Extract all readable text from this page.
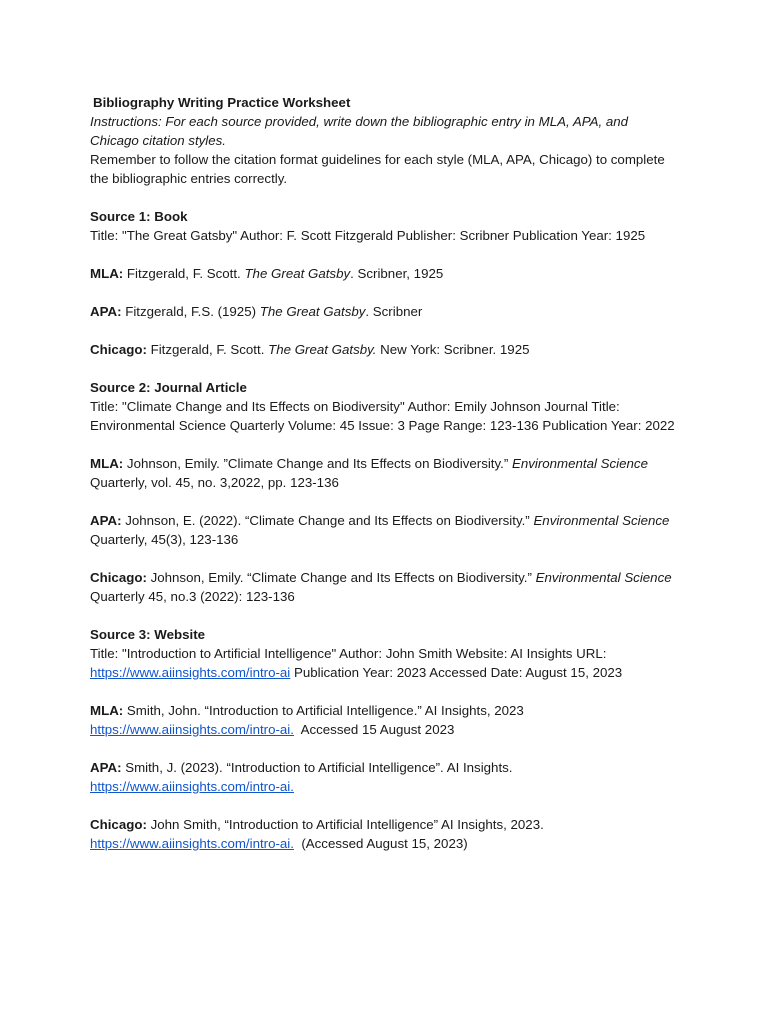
Bibliography Writing Practice Worksheet

Instructions: For each source provided, write down the bibliographic entry in MLA, APA, and Chicago citation styles.

Remember to follow the citation format guidelines for each style (MLA, APA, Chicago) to complete the bibliographic entries correctly.

Source 1: Book

Title: "The Great Gatsby" Author: F. Scott Fitzgerald Publisher: Scribner Publication Year: 1925

MLA: Fitzgerald, F. Scott. The Great Gatsby. Scribner, 1925

APA: Fitzgerald, F.S. (1925) The Great Gatsby. Scribner

Chicago: Fitzgerald, F. Scott. The Great Gatsby. New York: Scribner. 1925

Source 2: Journal Article

Title: "Climate Change and Its Effects on Biodiversity" Author: Emily Johnson Journal Title: Environmental Science Quarterly Volume: 45 Issue: 3 Page Range: 123-136 Publication Year: 2022

MLA: Johnson, Emily. ”Climate Change and Its Effects on Biodiversity.” Environmental Science Quarterly, vol. 45, no. 3,2022, pp. 123-136

APA: Johnson, E. (2022). “Climate Change and Its Effects on Biodiversity.” Environmental Science Quarterly, 45(3), 123-136

Chicago: Johnson, Emily. “Climate Change and Its Effects on Biodiversity.” Environmental Science Quarterly 45, no.3 (2022): 123-136

Source 3: Website

Title: "Introduction to Artificial Intelligence" Author: John Smith Website: AI Insights URL: https://www.aiinsights.com/intro-ai Publication Year: 2023 Accessed Date: August 15, 2023

MLA: Smith, John. “Introduction to Artificial Intelligence.” AI Insights, 2023
https://www.aiinsights.com/intro-ai.  Accessed 15 August 2023

APA: Smith, J. (2023). “Introduction to Artificial Intelligence”. AI Insights.
https://www.aiinsights.com/intro-ai.

Chicago: John Smith, “Introduction to Artificial Intelligence” AI Insights, 2023.
https://www.aiinsights.com/intro-ai.  (Accessed August 15, 2023)
